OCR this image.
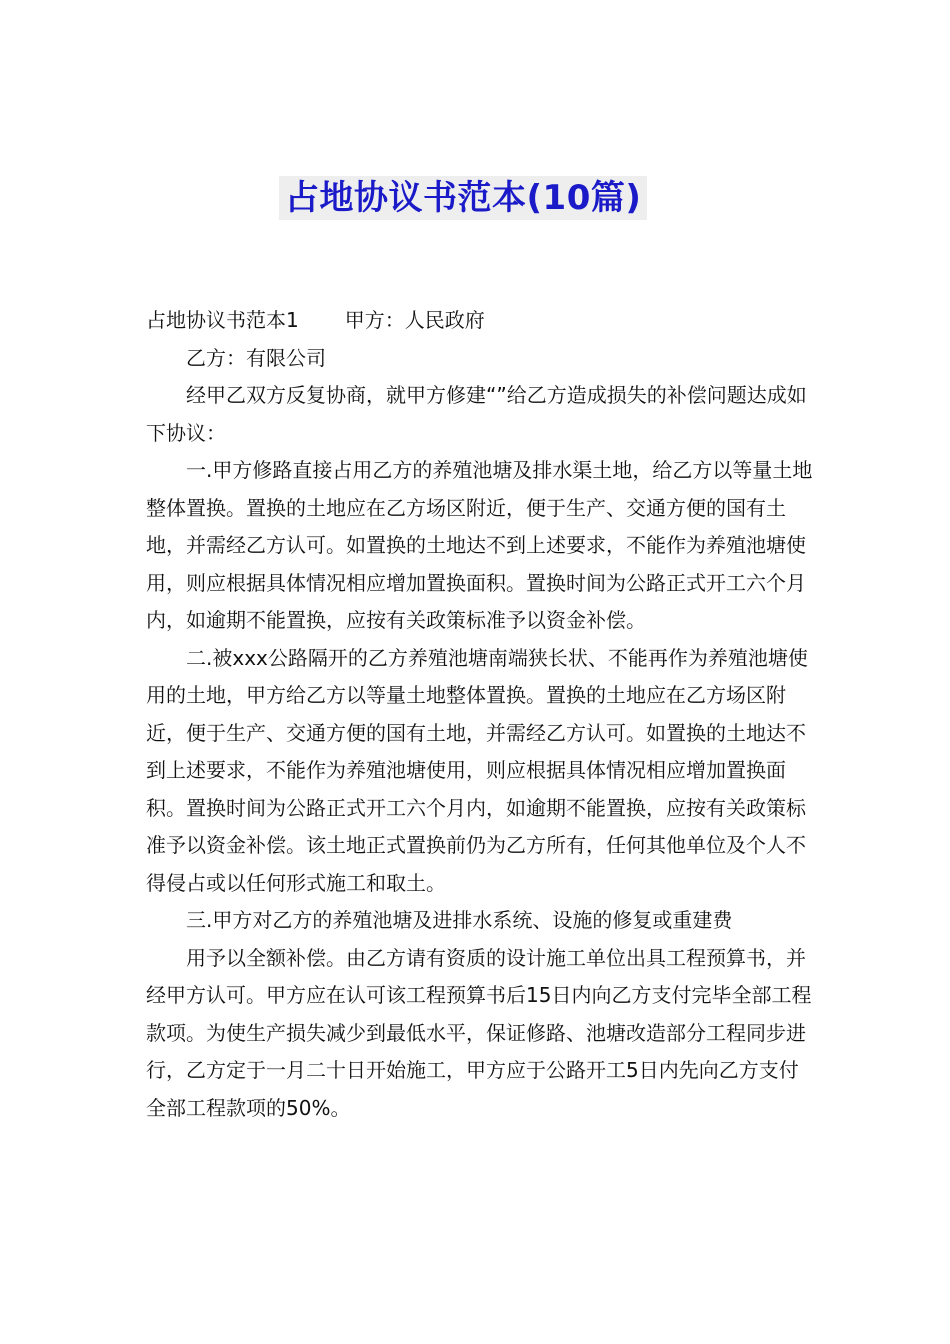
占地协议书范本(10篇)

占地协议书范本1 甲方：人民政府

乙方：有限公司

经甲乙双方反复协商，就甲方修建“”给乙方造成损失的补偿问题达成如下协议：

一.甲方修路直接占用乙方的养殖池塘及排水渠土地，给乙方以等量土地整体置换。置换的土地应在乙方场区附近，便于生产、交通方便的国有土地，并需经乙方认可。如置换的土地达不到上述要求，不能作为养殖池塘使用，则应根据具体情况相应增加置换面积。置换时间为公路正式开工六个月内，如逾期不能置换，应按有关政策标准予以资金补偿。

二.被xxx公路隔开的乙方养殖池塘南端狭长状、不能再作为养殖池塘使用的土地，甲方给乙方以等量土地整体置换。置换的土地应在乙方场区附近，便于生产、交通方便的国有土地，并需经乙方认可。如置换的土地达不到上述要求，不能作为养殖池塘使用，则应根据具体情况相应增加置换面积。置换时间为公路正式开工六个月内，如逾期不能置换，应按有关政策标准予以资金补偿。该土地正式置换前仍为乙方所有，任何其他单位及个人不得侵占或以任何形式施工和取土。

三.甲方对乙方的养殖池塘及进排水系统、设施的修复或重建费

用予以全额补偿。由乙方请有资质的设计施工单位出具工程预算书，并经甲方认可。甲方应在认可该工程预算书后15日内向乙方支付完毕全部工程款项。为使生产损失减少到最低水平，保证修路、池塘改造部分工程同步进行，乙方定于一月二十日开始施工，甲方应于公路开工5日内先向乙方支付全部工程款项的50%。
